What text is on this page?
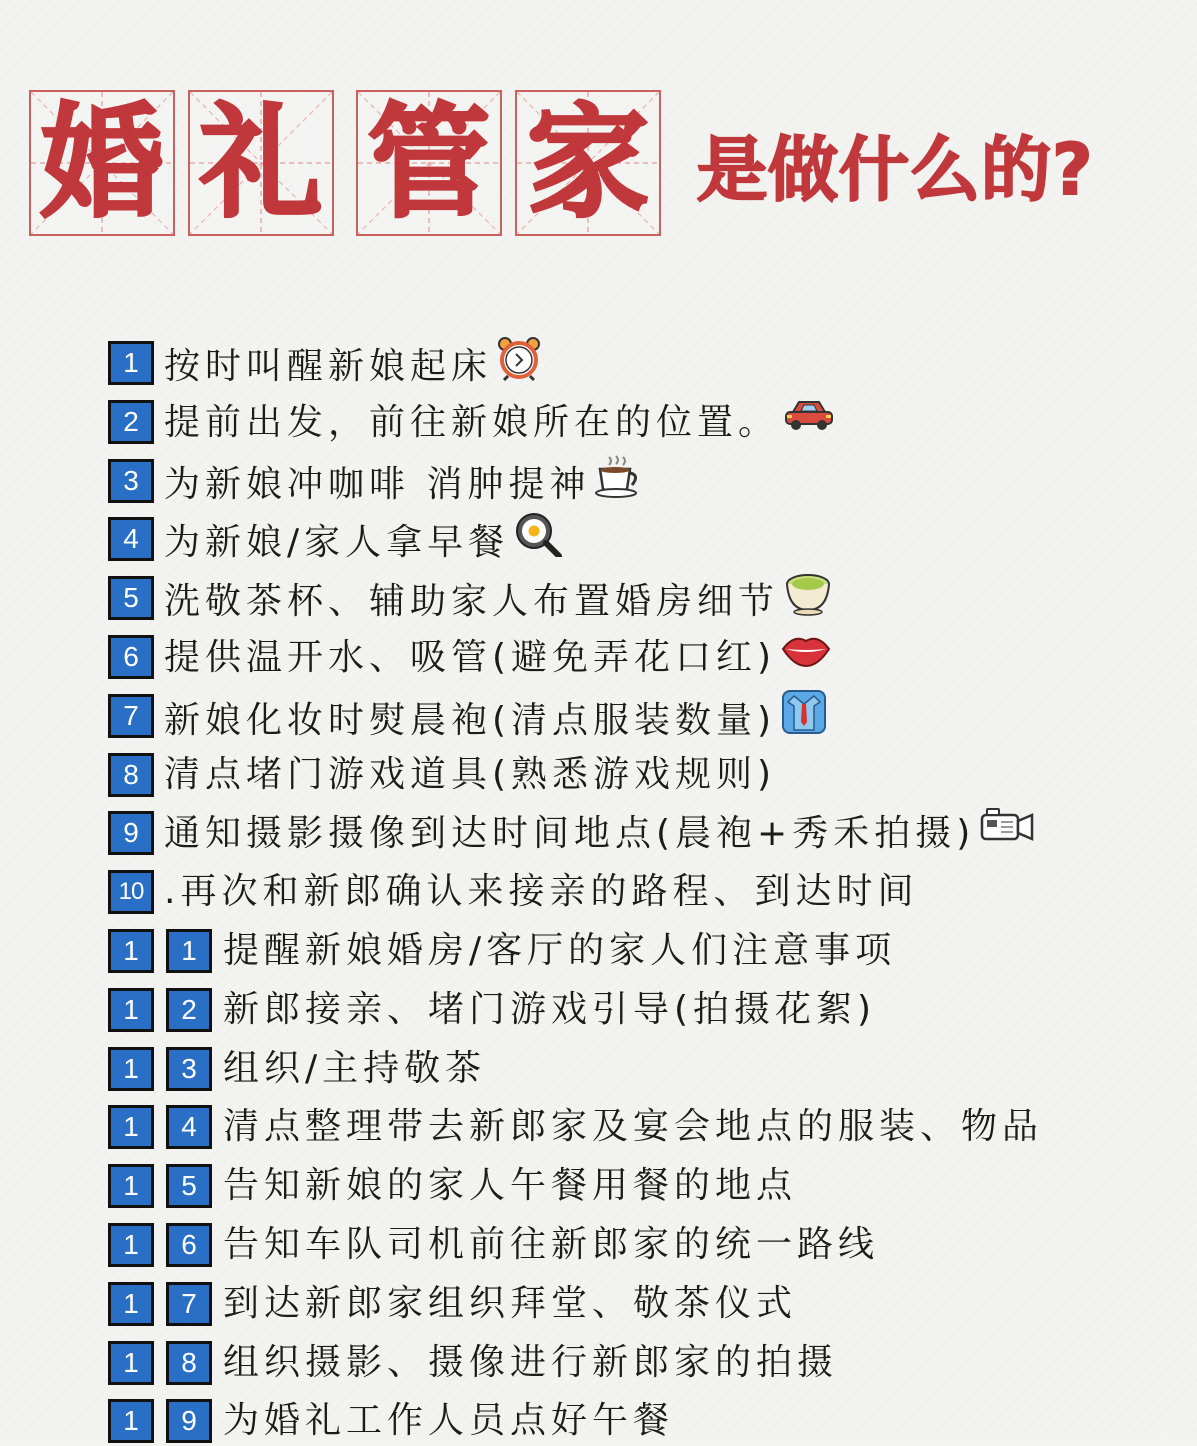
婚 礼 管 家 是做什么的?
1 按时叫醒新娘起床
2 提前出发，前往新娘所在的位置。
3 为新娘冲咖啡 消肿提神
4 为新娘/家人拿早餐
5 洗敬茶杯、辅助家人布置婚房细节
6 提供温开水、吸管(避免弄花口红)
7 新娘化妆时熨晨袍(清点服装数量)
8 清点堵门游戏道具(熟悉游戏规则)
9 通知摄影摄像到达时间地点(晨袍+秀禾拍摄)
10 .再次和新郎确认来接亲的路程、到达时间
1	1 提醒新娘婚房/客厅的家人们注意事项
1	2 新郎接亲、堵门游戏引导(拍摄花絮)
1	3 组织/主持敬茶
1	4 清点整理带去新郎家及宴会地点的服装、物品
1	5 告知新娘的家人午餐用餐的地点
1	6 告知车队司机前往新郎家的统一路线
1	7 到达新郎家组织拜堂、敬茶仪式
1	8 组织摄影、摄像进行新郎家的拍摄
1	9 为婚礼工作人员点好午餐
